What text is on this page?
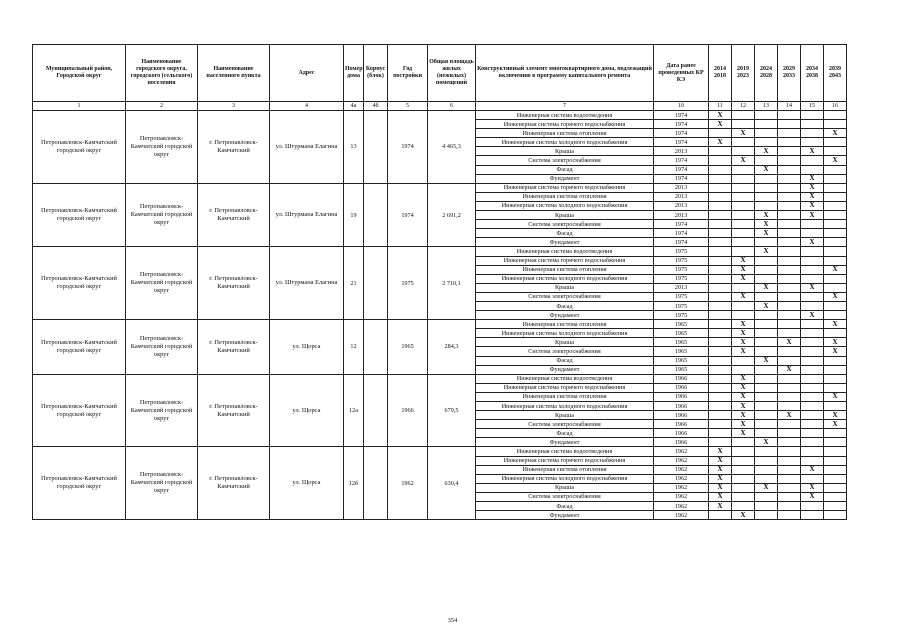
Муниципальный район, Городской округ	Наименование городского округа, городского (сельского) поселения	Наименование населенного пункта	Адрес	Номер дома	Корпус (блок)	Год постройки	Общая площадь жилых (нежилых) помещений	Конструктивный элемент многоквартирного дома, подлежащий включению в программу капитального ремонта	Дата ранее проведенных КР КЭ	2014 2018	2019 2023	2024 2028	2029 2033	2034 2038	2039 2043
1	2	3	4	4а	4б	5	6	7	10	11	12	13	14	15	16
Петропавловск-Камчатский городской округ	Петропавловск-Камчатский городской округ	г. Петропавловск-Камчатский	ул. Штурмана Елагина	13		1974	4 465,3	Инженерная система водоотведения	1974	X					
								Инженерная система горячего водоснабжения	1974	X					
								Инженерная система отопления	1974		X				X
								Инженерная система холодного водоснабжения	1974	X					
								Крыша	2013			X		X	
								Система электроснабжения	1974		X				X
								Фасад	1974			X			
								Фундамент	1974					X	
Петропавловск-Камчатский городской округ	Петропавловск-Камчатский городской округ	г. Петропавловск-Камчатский	ул. Штурмана Елагина	19		1974	2 691,2	Инженерная система горячего водоснабжения	2013					X	
								Инженерная система отопления	2013					X	
								Инженерная система холодного водоснабжения	2013					X	
								Крыша	2013			X		X	
								Система электроснабжения	1974			X			
								Фасад	1974			X			
								Фундамент	1974					X	
Петропавловск-Камчатский городской округ	Петропавловск-Камчатский городской округ	г. Петропавловск-Камчатский	ул. Штурмана Елагина	21		1975	2 710,1	Инженерная система водоотведения	1975			X			
								Инженерная система горячего водоснабжения	1975		X				
								Инженерная система отопления	1975		X				X
								Инженерная система холодного водоснабжения	1975		X				
								Крыша	2013			X		X	
								Система электроснабжения	1975		X				X
								Фасад	1975			X			
								Фундамент	1975					X	
Петропавловск-Камчатский городской округ	Петропавловск-Камчатский городской округ	г. Петропавловск-Камчатский	ул. Щорса	12		1965	284,3	Инженерная система отопления	1965		X				X
								Инженерная система холодного водоснабжения	1965		X				
								Крыша	1965		X		X		X
								Система электроснабжения	1965		X				X
								Фасад	1965			X			
								Фундамент	1965				X		
Петропавловск-Камчатский городской округ	Петропавловск-Камчатский городской округ	г. Петропавловск-Камчатский	ул. Щорса	12а		1966	679,5	Инженерная система водоотведения	1966		X				
								Инженерная система горячего водоснабжения	1966		X				
								Инженерная система отопления	1966		X				X
								Инженерная система холодного водоснабжения	1966		X				
								Крыша	1966		X		X		X
								Система электроснабжения	1966		X				X
								Фасад	1966		X				
								Фундамент	1966			X			
Петропавловск-Камчатский городской округ	Петропавловск-Камчатский городской округ	г. Петропавловск-Камчатский	ул. Щорса	12б		1962	630,4	Инженерная система водоотведения	1962	X					
								Инженерная система горячего водоснабжения	1962	X					
								Инженерная система отопления	1962	X				X	
								Инженерная система холодного водоснабжения	1962	X					
								Крыша	1962	X		X		X	
								Система электроснабжения	1962	X				X	
								Фасад	1962	X					
								Фундамент	1962		X				
354
